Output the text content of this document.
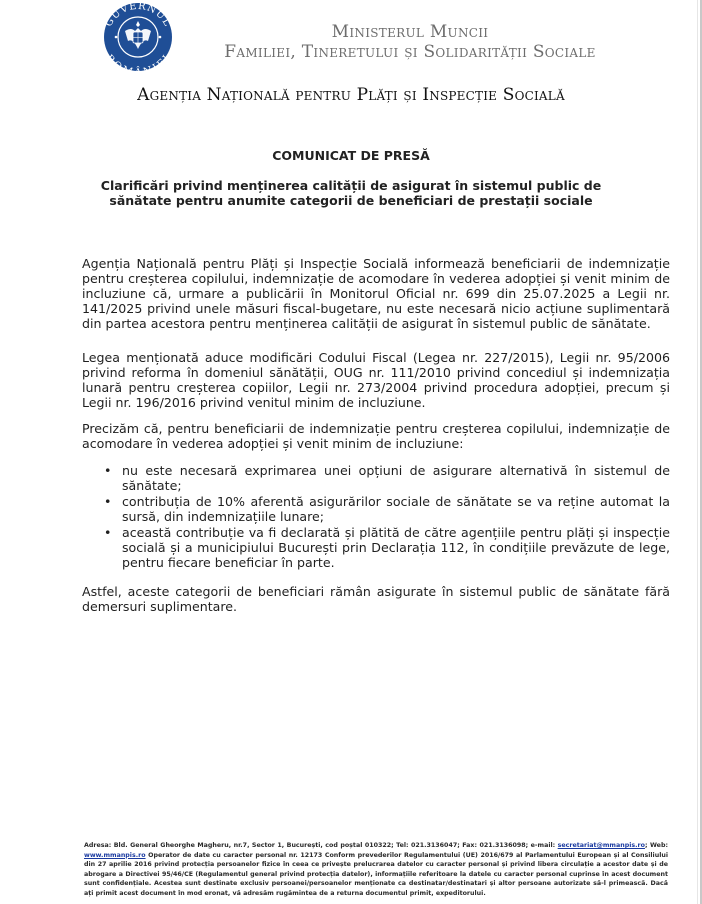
GUVERNUL
RO IEI
Ministerul Muncii
Familiei, Tineretului și Solidarității Sociale
Agenția Națională pentru Plăți și Inspecție Socială
COMUNICAT DE PRESĂ
Clarificări privind menținerea calității de asigurat în sistemul public de sănătate pentru anumite categorii de beneficiari de prestații sociale
Agenția Națională pentru Plăți și Inspecție Socială informează beneficiarii de indemnizație pentru creșterea copilului, indemnizație de acomodare în vederea adopției și venit minim de incluziune că, urmare a publicării în Monitorul Oficial nr. 699 din 25.07.2025 a Legii nr. 141/2025 privind unele măsuri fiscal-bugetare, nu este necesară nicio acțiune suplimentară din partea acestora pentru menținerea calității de asigurat în sistemul public de sănătate.
Legea menționată aduce modificări Codului Fiscal (Legea nr. 227/2015), Legii nr. 95/2006 privind reforma în domeniul sănătății, OUG nr. 111/2010 privind concediul și indemnizația lunară pentru creșterea copiilor, Legii nr. 273/2004 privind procedura adopției, precum și Legii nr. 196/2016 privind venitul minim de incluziune.
Precizăm că, pentru beneficiarii de indemnizație pentru creșterea copilului, indemnizație de acomodare în vederea adopției și venit minim de incluziune:
• nu este necesară exprimarea unei opțiuni de asigurare alternativă în sistemul de sănătate;
• contribuția de 10% aferentă asigurărilor sociale de sănătate se va reține automat la sursă, din indemnizațiile lunare;
• această contribuție va fi declarată și plătită de către agențiile pentru plăți și inspecție socială și a municipiului București prin Declarația 112, în condițiile prevăzute de lege, pentru fiecare beneficiar în parte.
Astfel, aceste categorii de beneficiari rămân asigurate în sistemul public de sănătate fără demersuri suplimentare.
Adresa: Bld. General Gheorghe Magheru, nr.7, Sector 1, București, cod poștal 010322; Tel: 021.3136047; Fax: 021.3136098; e-mail: secretariat@mmanpis.ro; Web: www.mmanpis.ro Operator de date cu caracter personal nr. 12173 Conform prevederilor Regulamentului (UE) 2016/679 al Parlamentului European și al Consiliului din 27 aprilie 2016 privind protecția persoanelor fizice în ceea ce privește prelucrarea datelor cu caracter personal și privind libera circulație a acestor date și de abrogare a Directivei 95/46/CE (Regulamentul general privind protecția datelor), informațiile referitoare la datele cu caracter personal cuprinse în acest document sunt confidențiale. Acestea sunt destinate exclusiv persoanei/persoanelor menționate ca destinatar/destinatari și altor persoane autorizate să-l primească. Dacă ați primit acest document în mod eronat, vă adresăm rugămintea de a returna documentul primit, expeditorului.
